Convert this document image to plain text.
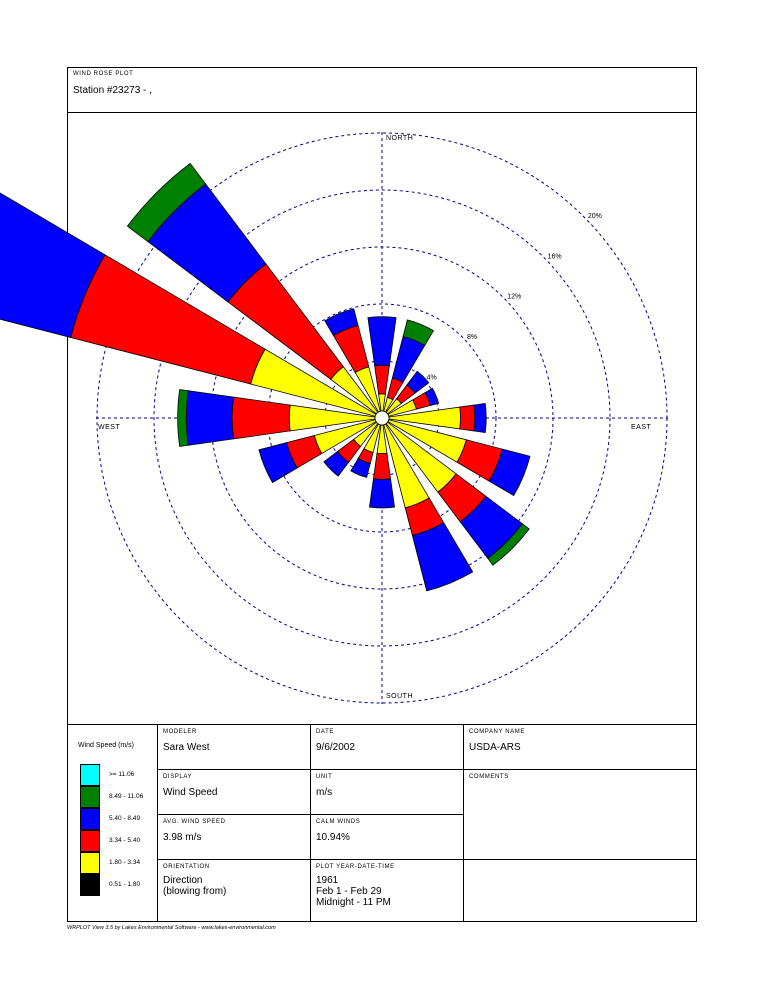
WIND ROSE PLOT
Station #23273 - ,
4%
8%
12%
16%
20%
NORTH
SOUTH
EAST
WEST
Wind Speed (m/s)
>= 11.06
8.49 - 11.06
5.40 - 8.49
3.34 - 5.40
1.80 - 3.34
0.51 - 1.80
MODELER
Sara West
DATE
9/6/2002
COMPANY NAME
USDA-ARS
DISPLAY
Wind Speed
UNIT
m/s
COMMENTS
AVG. WIND SPEED
3.98 m/s
CALM WINDS
10.94%
ORIENTATION
Direction
(blowing from)
PLOT YEAR-DATE-TIME
1961
Feb 1 - Feb 29
Midnight - 11 PM
WRPLOT View 3.5 by Lakes Environmental Software - www.lakes-environmental.com
